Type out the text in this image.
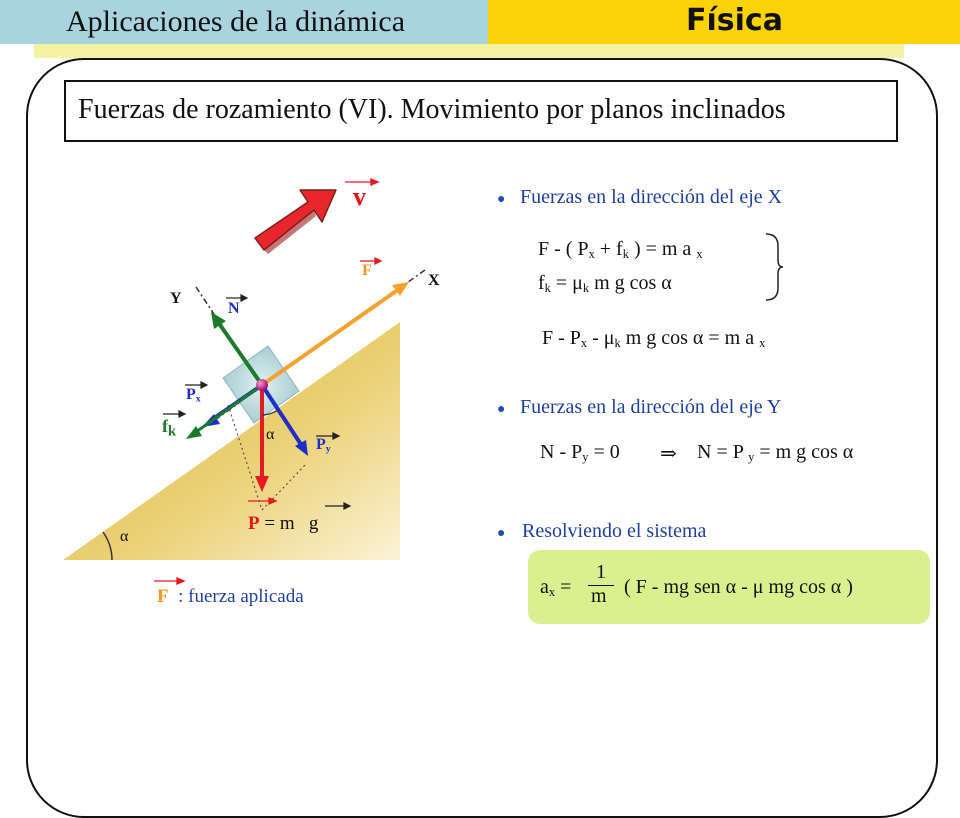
Aplicaciones de la dinámica	Física
Fuerzas de rozamiento (VI). Movimiento por planos inclinados
v
X
Y
F
N
$P_x$
$f_k$
$P_y$
α
α
P = m g
F : fuerza aplicada
● Fuerzas en la dirección del eje X
F - ( $P_x + f_k$ ) = m a $_x$
$f_k = \mu_k$ m g cos α
F - $P_x - \mu_k$ m g cos α = m a $_x$
● Fuerzas en la dirección del eje Y
$N - P_y = 0$ ⇒ N = P $_y$ = m g cos α
● Resolviendo el sistema
$a_x$ =
1
m ( F - mg sen α - μ mg cos α )
